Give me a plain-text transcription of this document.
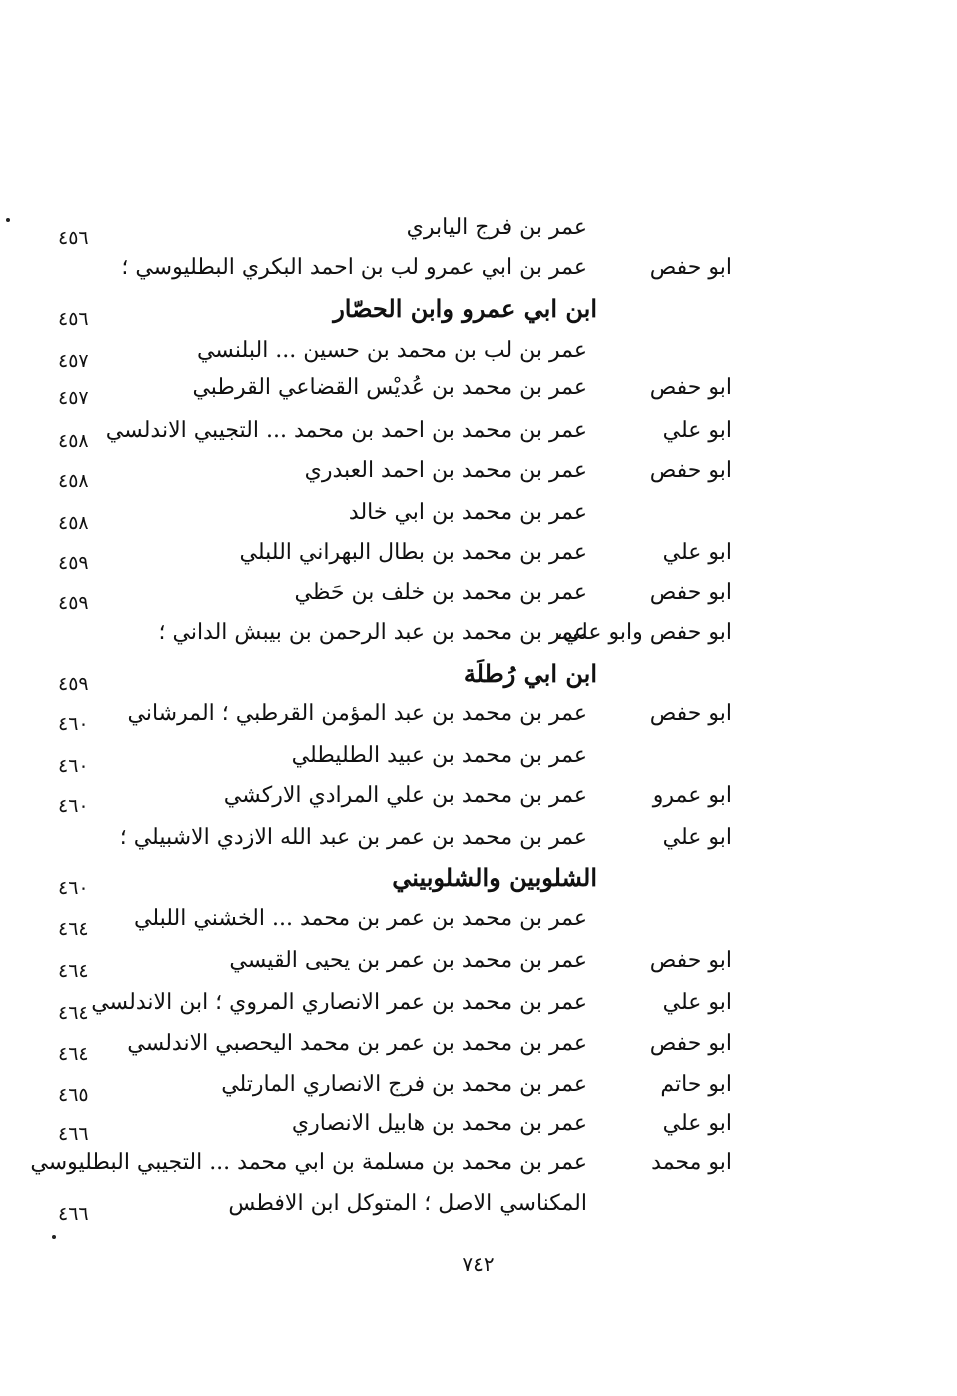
عمر بن فرج اليابري
٤٥٦
ابو حفص
عمر بن ابي عمرو لب بن احمد البكري البطليوسي ؛
ابن ابي عمرو وابن الحصّار
٤٥٦
عمر بن لب بن محمد بن حسين ... البلنسي
٤٥٧
ابو حفص
عمر بن محمد بن عُديْس القضاعي القرطبي
٤٥٧
ابو علي
عمر بن محمد بن احمد بن محمد ... التجيبي الاندلسي
٤٥٨
ابو حفص
عمر بن محمد بن احمد العبدري
٤٥٨
عمر بن محمد بن ابي خالد
٤٥٨
ابو علي
عمر بن محمد بن بطال البهراني اللبلي
٤٥٩
ابو حفص
عمر بن محمد بن خلف بن حَظي
٤٥٩
ابو حفص وابو علي،
عمر بن محمد بن عبد الرحمن بن بيبش الداني ؛
ابن ابي رُطلَة
٤٥٩
ابو حفص
عمر بن محمد بن عبد المؤمن القرطبي ؛ المرشاني
٤٦٠
عمر بن محمد بن عبيد الطليطلي
٤٦٠
ابو عمرو
عمر بن محمد بن علي المرادي الاركشي
٤٦٠
ابو علي
عمر بن محمد بن عمر بن عبد الله الازدي الاشبيلي ؛
الشلوبين والشلوبيني
٤٦٠
عمر بن محمد بن عمر بن محمد ... الخشني اللبلي
٤٦٤
ابو حفص
عمر بن محمد بن عمر بن يحيى القيسي
٤٦٤
ابو علي
عمر بن محمد بن عمر الانصاري المروي ؛ ابن الاندلسي
٤٦٤
ابو حفص
عمر بن محمد بن عمر بن محمد اليحصبي الاندلسي
٤٦٤
ابو حاتم
عمر بن محمد بن فرج الانصاري المارتلي
٤٦٥
ابو علي
عمر بن محمد بن هابيل الانصاري
٤٦٦
ابو محمد
عمر بن محمد بن مسلمة بن ابي محمد ... التجيبي البطليوسي
المكناسي الاصل ؛ المتوكل ابن الافطس
٤٦٦
٧٤٢
